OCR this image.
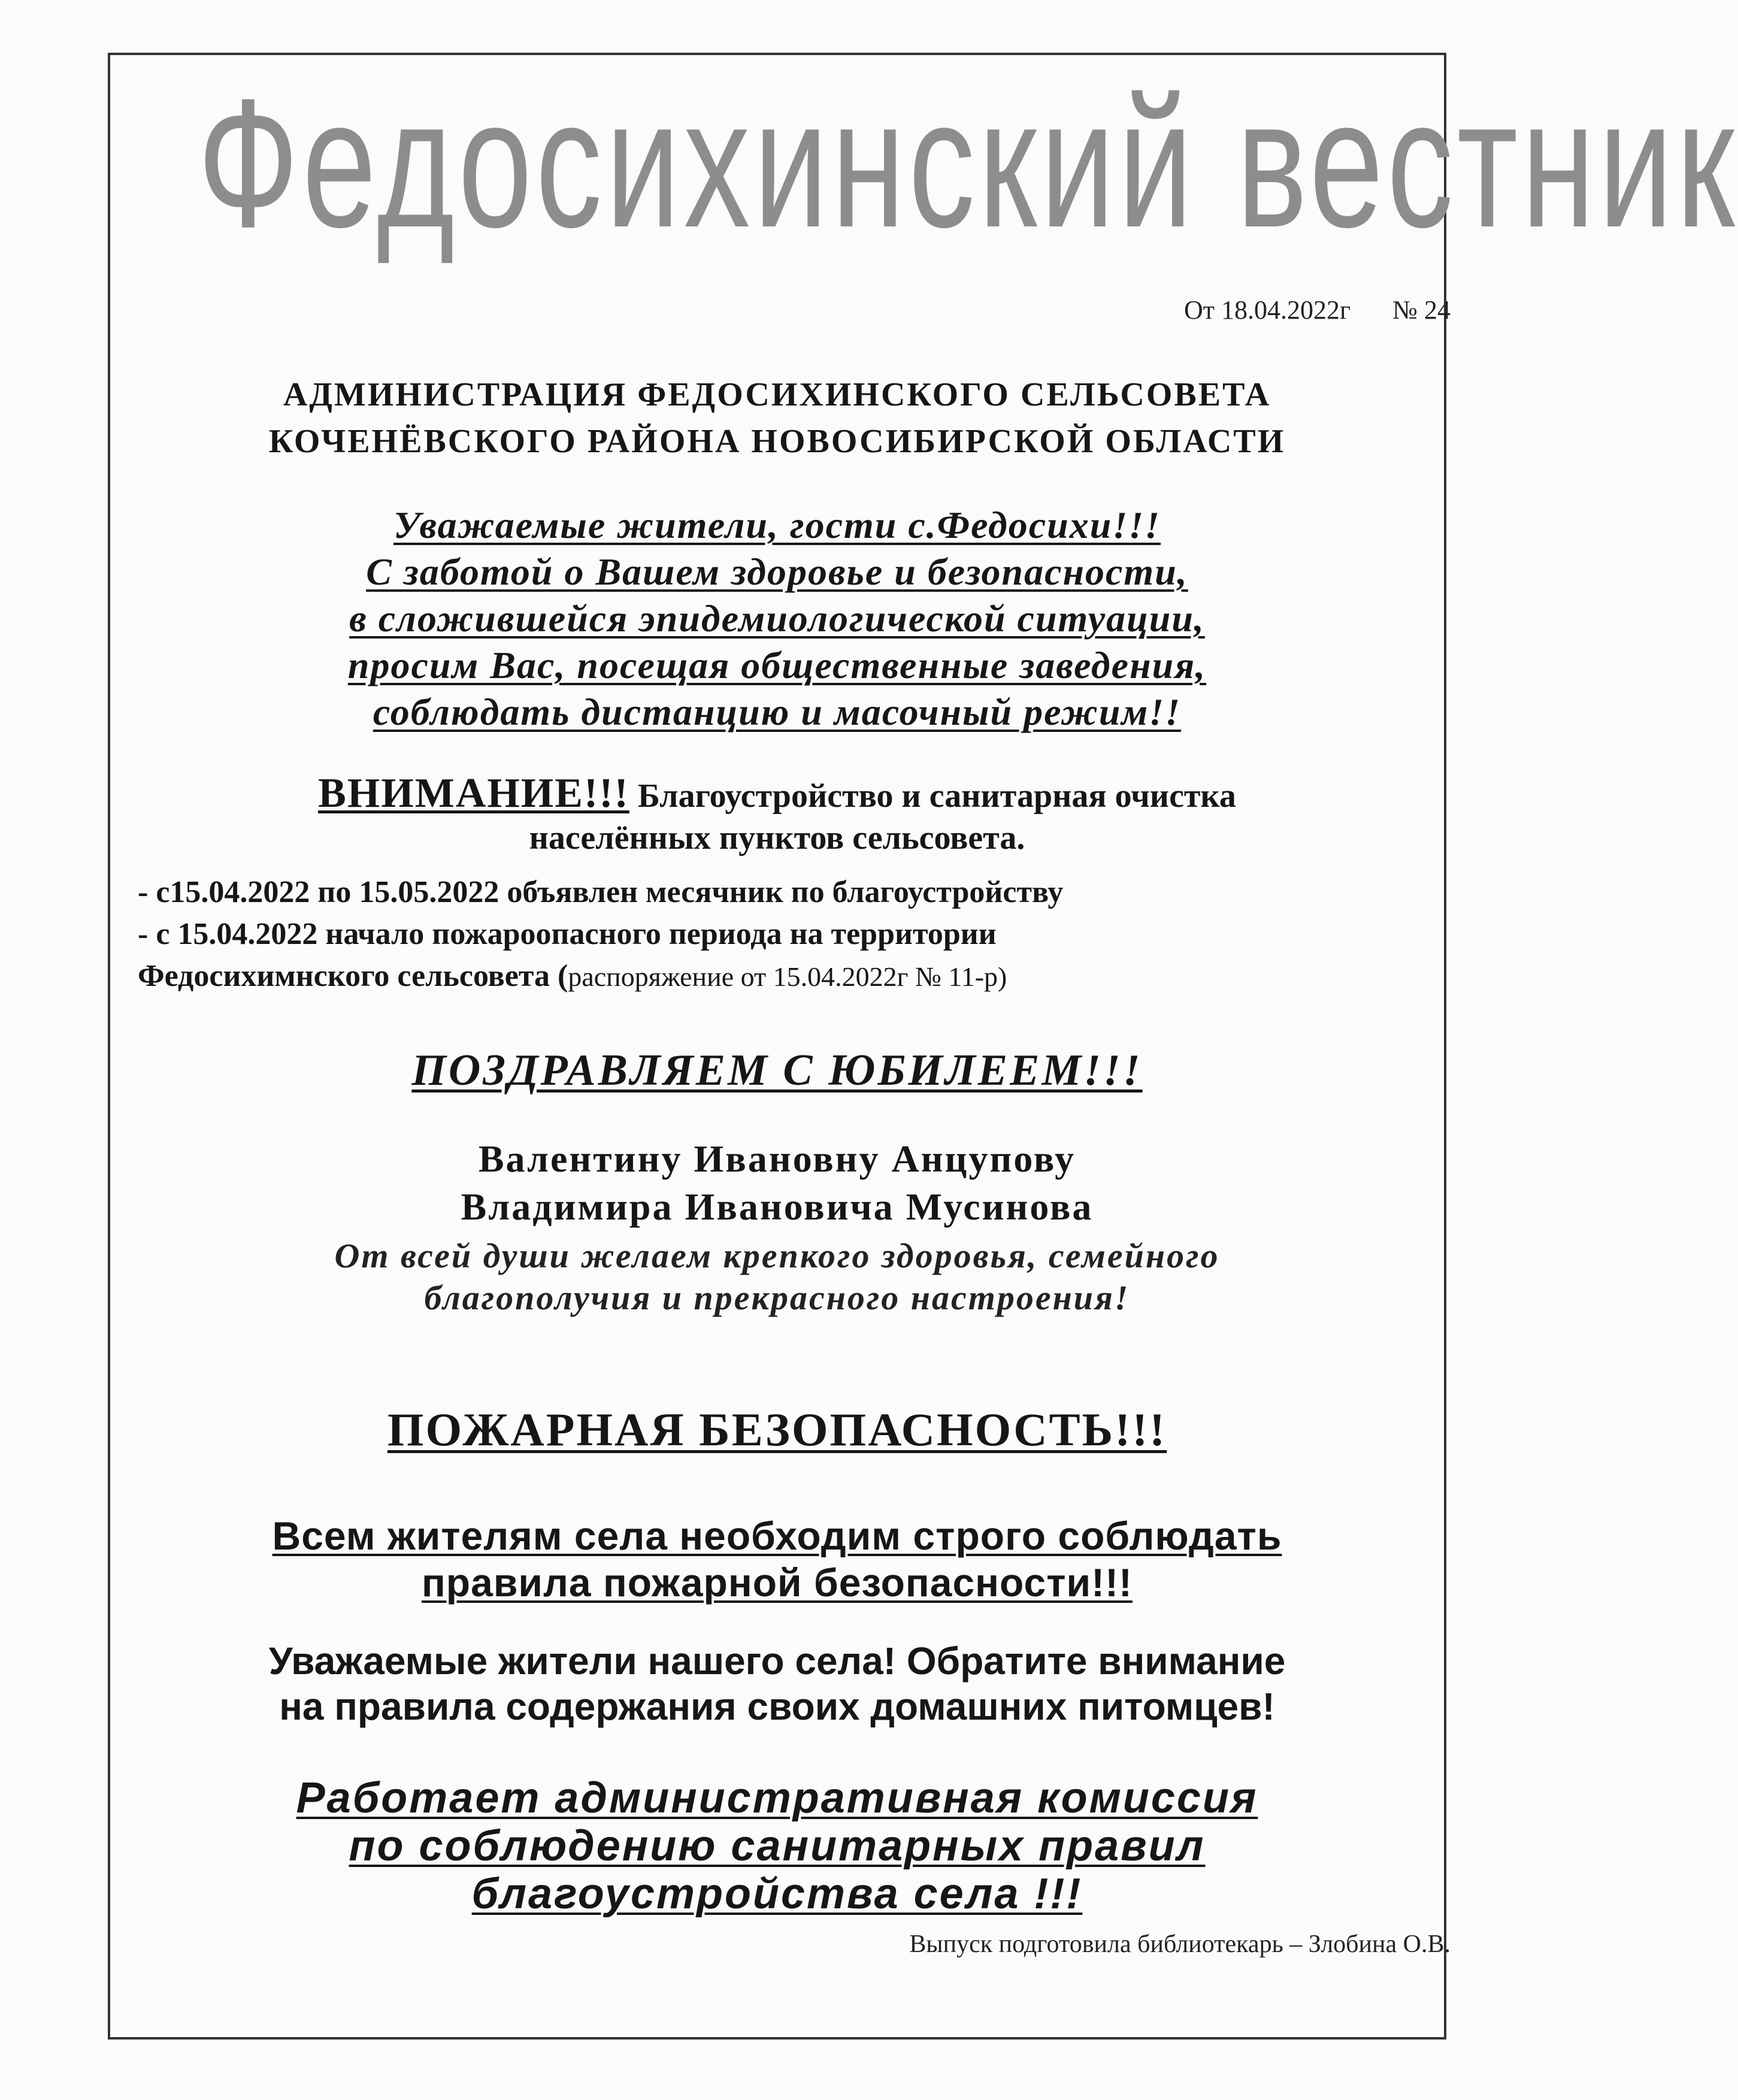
Федосихинский вестник
От 18.04.2022г № 24
АДМИНИСТРАЦИЯ ФЕДОСИХИНСКОГО СЕЛЬСОВЕТА
КОЧЕНЁВСКОГО РАЙОНА НОВОСИБИРСКОЙ ОБЛАСТИ
Уважаемые жители, гости с.Федосихи!!!
С заботой о Вашем здоровье и безопасности,
в сложившейся эпидемиологической ситуации,
просим Вас, посещая общественные заведения,
соблюдать дистанцию и масочный режим!!
ВНИМАНИЕ!!! Благоустройство и санитарная очистка
населённых пунктов сельсовета.
- с15.04.2022 по 15.05.2022 объявлен месячник по благоустройству
- с 15.04.2022 начало пожароопасного периода на территории
Федосихимнского сельсовета (распоряжение от 15.04.2022г № 11-р)
ПОЗДРАВЛЯЕМ С ЮБИЛЕЕМ!!!
Валентину Ивановну Анцупову
Владимира Ивановича Мусинова
От всей души желаем крепкого здоровья, семейного
благополучия и прекрасного настроения!
ПОЖАРНАЯ БЕЗОПАСНОСТЬ!!!
Всем жителям села необходим строго соблюдать
правила пожарной безопасности!!!
Уважаемые жители нашего села! Обратите внимание
на правила содержания своих домашних питомцев!
Работает административная комиссия
по соблюдению санитарных правил
благоустройства села !!!
Выпуск подготовила библиотекарь – Злобина О.В.
